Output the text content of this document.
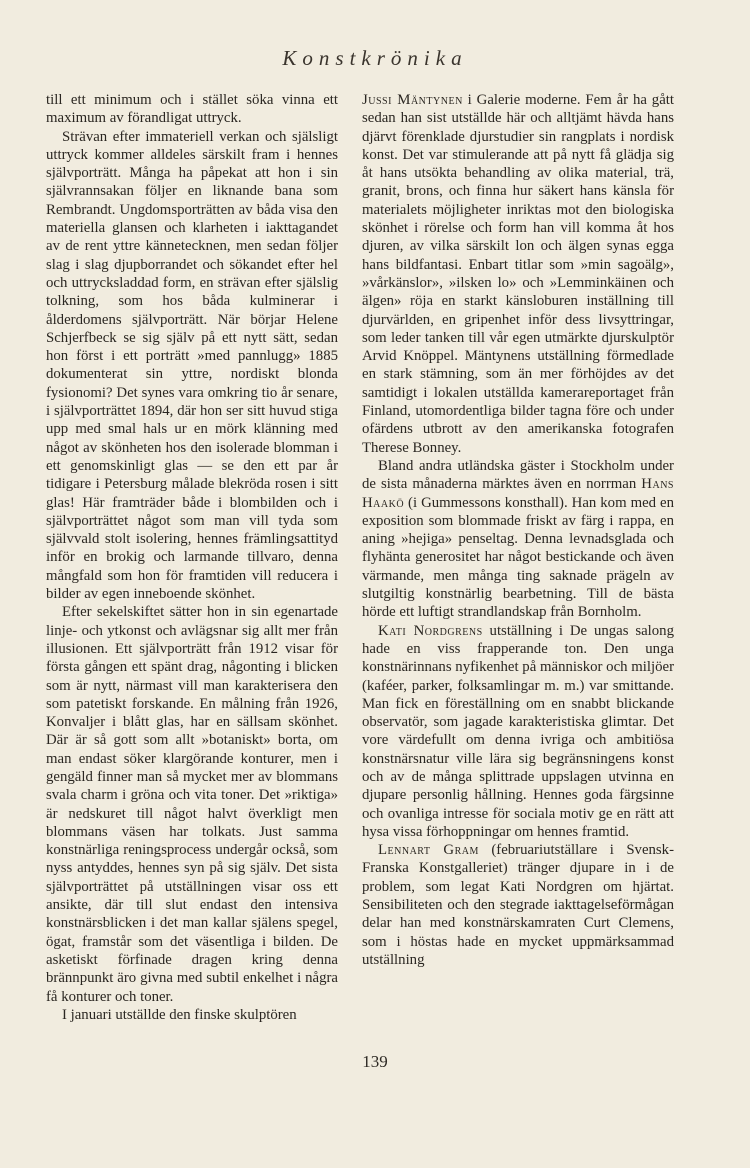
Konstkrönika

till ett minimum och i stället söka vinna ett maximum av förandligat uttryck.

Strävan efter immateriell verkan och själsligt uttryck kommer alldeles särskilt fram i hennes självporträtt. Många ha påpekat att hon i sin självrannsakan följer en liknande bana som Rembrandt. Ungdomsporträtten av båda visa den materiella glansen och klarheten i iakttagandet av de rent yttre kännetecknen, men sedan följer slag i slag djupborrandet och sökandet efter hel och uttrycksladdad form, en strävan efter själslig tolkning, som hos båda kulminerar i ålderdomens självporträtt. När börjar Helene Schjerfbeck se sig själv på ett nytt sätt, sedan hon först i ett porträtt »med pannlugg» 1885 dokumenterat sin yttre, nordiskt blonda fysionomi? Det synes vara omkring tio år senare, i självporträttet 1894, där hon ser sitt huvud stiga upp med smal hals ur en mörk klänning med något av skönheten hos den isolerade blomman i ett genomskinligt glas — se den ett par år tidigare i Petersburg målade blekröda rosen i sitt glas! Här framträder både i blombilden och i självporträttet något som man vill tyda som självvald stolt isolering, hennes främlingsattityd inför en brokig och larmande tillvaro, denna mångfald som hon för framtiden vill reducera i bilder av egen inneboende skönhet.

Efter sekelskiftet sätter hon in sin egenartade linje- och ytkonst och avlägsnar sig allt mer från illusionen. Ett självporträtt från 1912 visar för första gången ett spänt drag, någonting i blicken som är nytt, närmast vill man karakterisera den som patetiskt forskande. En målning från 1926, Konvaljer i blått glas, har en sällsam skönhet. Där är så gott som allt »botaniskt» borta, om man endast söker klargörande konturer, men i gengäld finner man så mycket mer av blommans svala charm i gröna och vita toner. Det »riktiga» är nedskuret till något halvt överkligt men blommans väsen har tolkats. Just samma konstnärliga reningsprocess undergår också, som nyss antyddes, hennes syn på sig själv. Det sista självporträttet på utställningen visar oss ett ansikte, där till slut endast den intensiva konstnärsblicken i det man kallar själens spegel, ögat, framstår som det väsentliga i bilden. De asketiskt förfinade dragen kring denna brännpunkt äro givna med subtil enkelhet i några få konturer och toner.

I januari utställde den finske skulptören

Jussi Mäntynen i Galerie moderne. Fem år ha gått sedan han sist utställde här och alltjämt hävda hans djärvt förenklade djurstudier sin rangplats i nordisk konst. Det var stimulerande att på nytt få glädja sig åt hans utsökta behandling av olika material, trä, granit, brons, och finna hur säkert hans känsla för materialets möjligheter inriktas mot den biologiska skönhet i rörelse och form han vill komma åt hos djuren, av vilka särskilt lon och älgen synas egga hans bildfantasi. Enbart titlar som »min sagoälg», »vårkänslor», »ilsken lo» och »Lemminkäinen och älgen» röja en starkt känsloburen inställning till djurvärlden, en gripenhet inför dess livsyttringar, som leder tanken till vår egen utmärkte djurskulptör Arvid Knöppel. Mäntynens utställning förmedlade en stark stämning, som än mer förhöjdes av det samtidigt i lokalen utställda kamerareportaget från Finland, utomordentliga bilder tagna före och under ofärdens utbrott av den amerikanska fotografen Therese Bonney.

Bland andra utländska gäster i Stockholm under de sista månaderna märktes även en norrman Hans Haakö (i Gummessons konsthall). Han kom med en exposition som blommade friskt av färg i rappa, en aning »hejiga» penseltag. Denna levnadsglada och flyhänta generositet har något bestickande och även värmande, men många ting saknade prägeln av slutgiltig konstnärlig bearbetning. Till de bästa hörde ett luftigt strandlandskap från Bornholm.

Kati Nordgrens utställning i De ungas salong hade en viss frapperande ton. Den unga konstnärinnans nyfikenhet på människor och miljöer (kaféer, parker, folksamlingar m. m.) var smittande. Man fick en föreställning om en snabbt blickande observatör, som jagade karakteristiska glimtar. Det vore värdefullt om denna ivriga och ambitiösa konstnärsnatur ville lära sig begränsningens konst och av de många splittrade uppslagen utvinna en djupare personlig hållning. Hennes goda färgsinne och ovanliga intresse för sociala motiv ge en rätt att hysa vissa förhoppningar om hennes framtid.

Lennart Gram (februariutställare i Svensk-Franska Konstgalleriet) tränger djupare in i de problem, som legat Kati Nordgren om hjärtat. Sensibiliteten och den stegrade iakttagelseförmågan delar han med konstnärskamraten Curt Clemens, som i höstas hade en mycket uppmärksammad utställning

139
